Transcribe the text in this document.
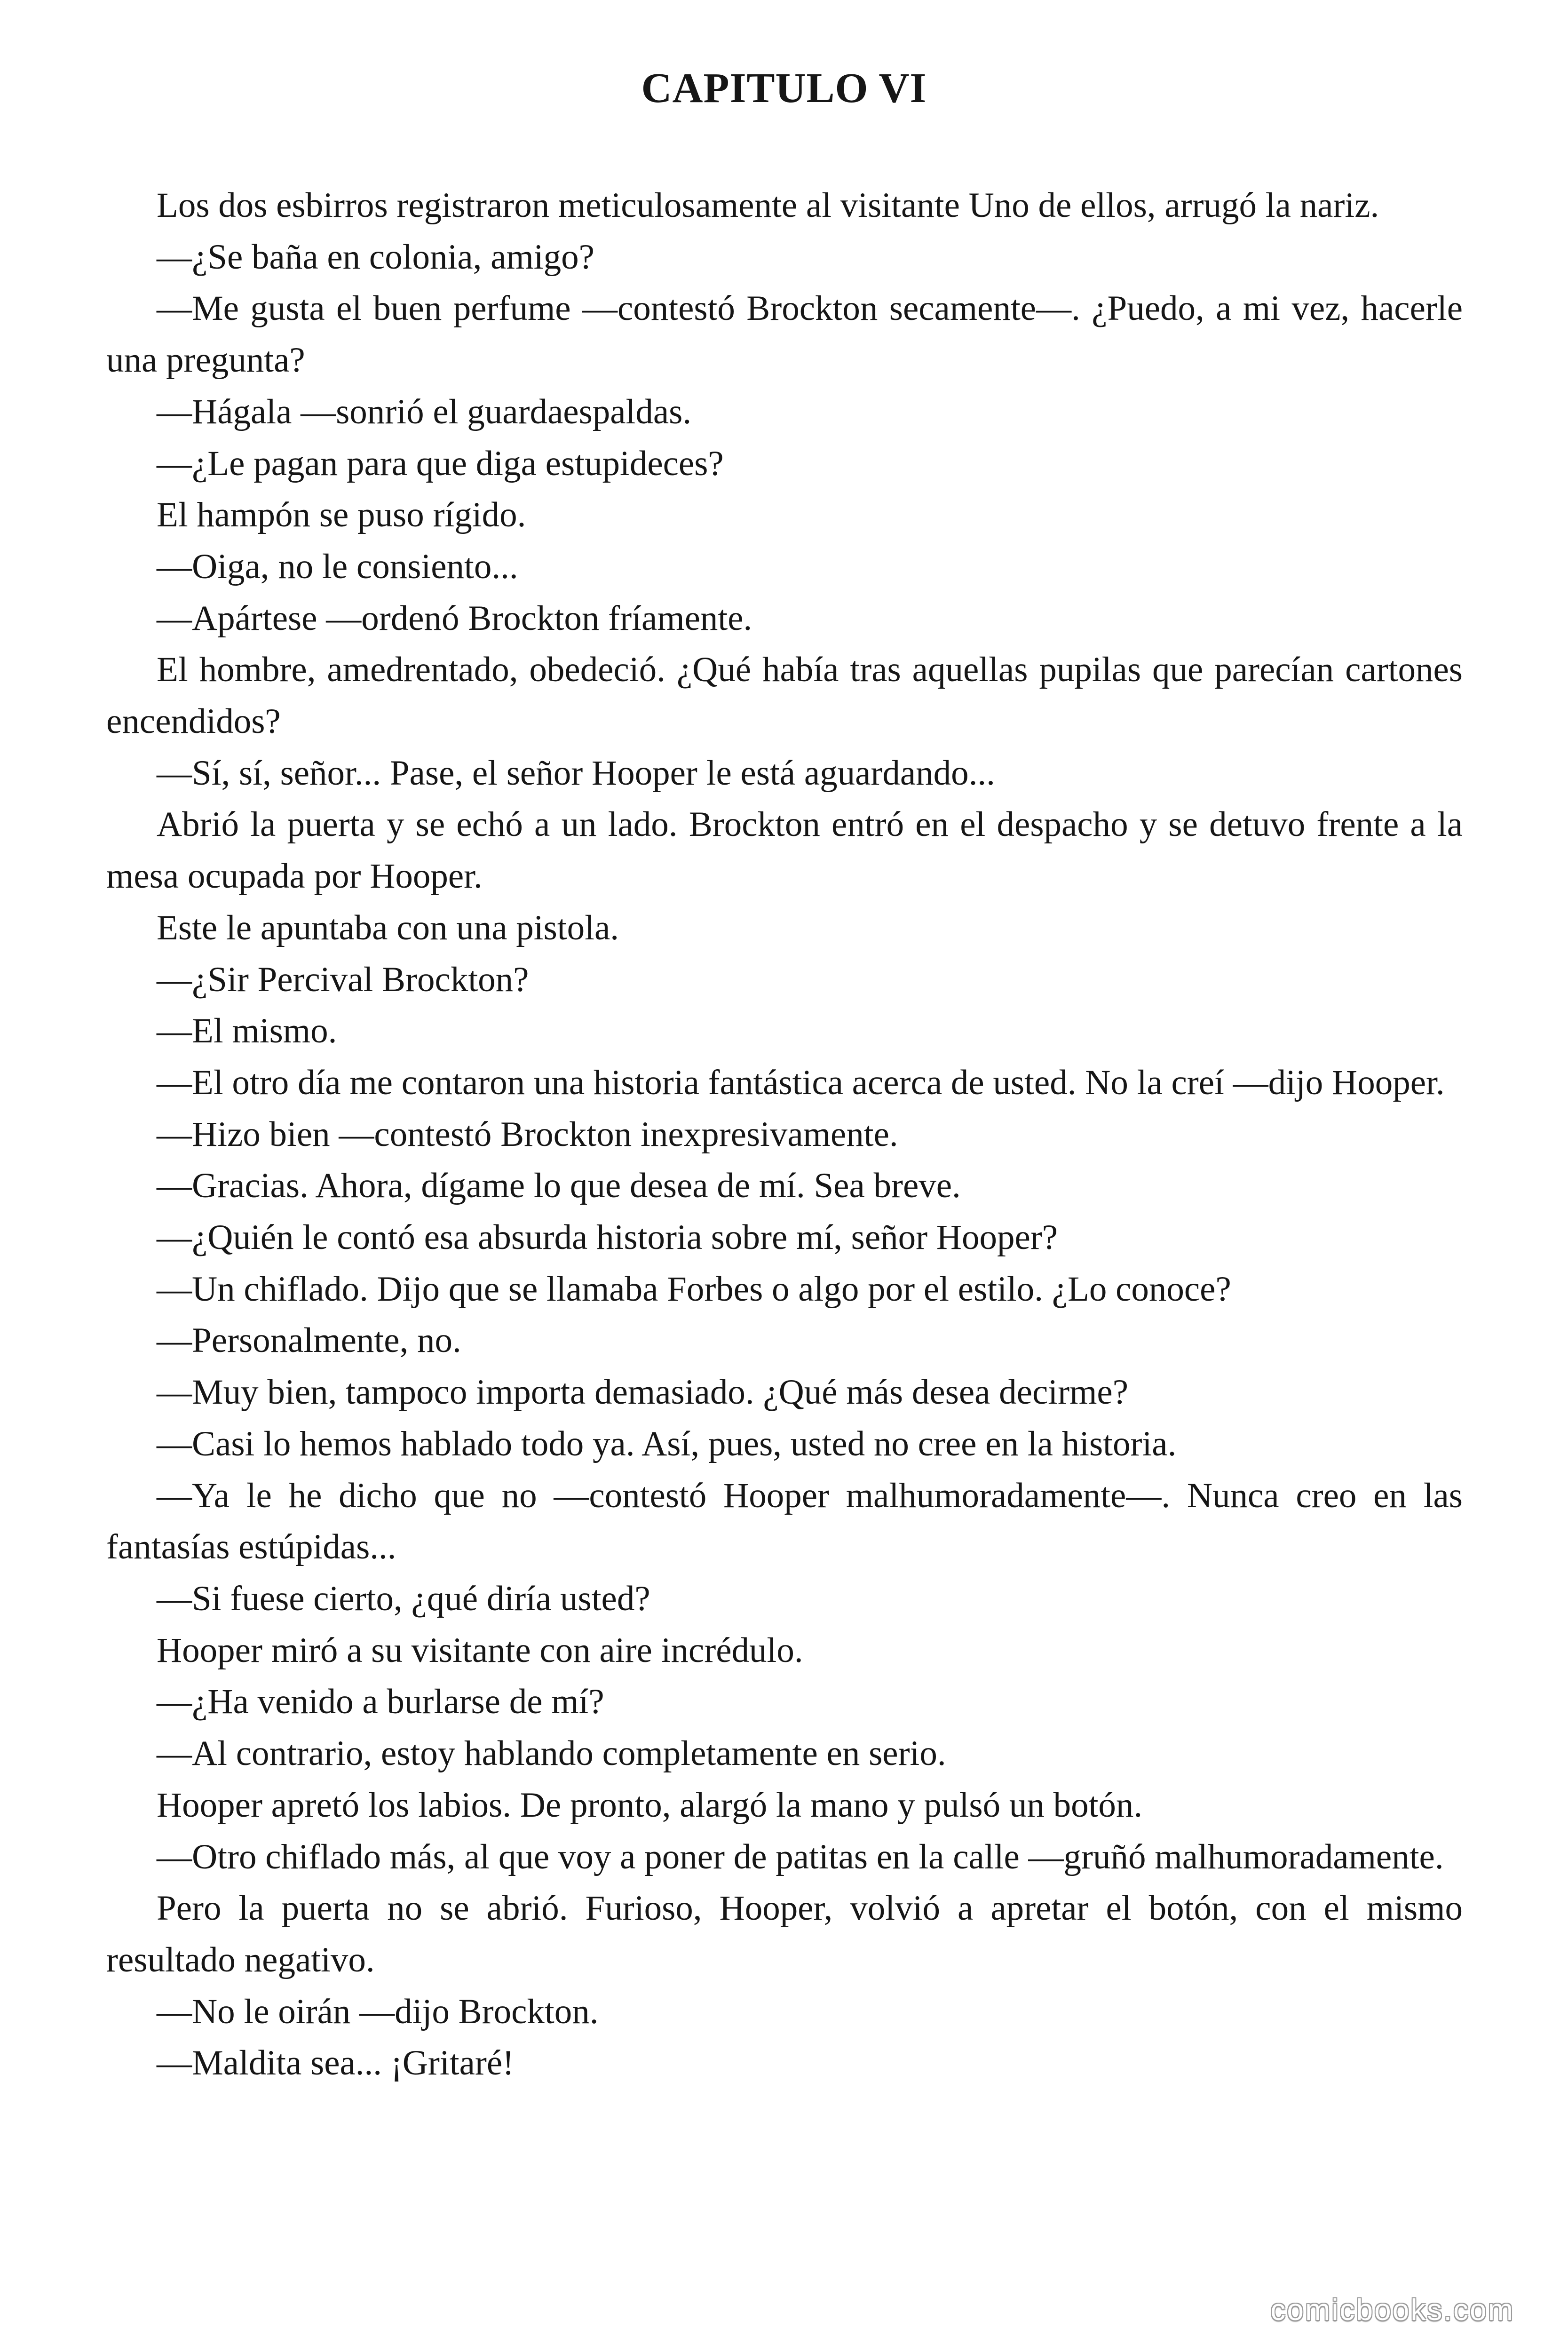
CAPITULO VI

Los dos esbirros registraron meticulosamente al visitante Uno de ellos, arrugó la nariz.

—¿Se baña en colonia, amigo?

—Me gusta el buen perfume —contestó Brockton secamente—. ¿Puedo, a mi vez, hacerle una pregunta?

—Hágala —sonrió el guardaespaldas.

—¿Le pagan para que diga estupideces?

El hampón se puso rígido.

—Oiga, no le consiento...

—Apártese —ordenó Brockton fríamente.

El hombre, amedrentado, obedeció. ¿Qué había tras aquellas pupilas que parecían cartones encendidos?

—Sí, sí, señor... Pase, el señor Hooper le está aguardando...

Abrió la puerta y se echó a un lado. Brockton entró en el despacho y se detuvo frente a la mesa ocupada por Hooper.

Este le apuntaba con una pistola.

—¿Sir Percival Brockton?

—El mismo.

—El otro día me contaron una historia fantástica acerca de usted. No la creí —dijo Hooper.

—Hizo bien —contestó Brockton inexpresivamente.

—Gracias. Ahora, dígame lo que desea de mí. Sea breve.

—¿Quién le contó esa absurda historia sobre mí, señor Hooper?

—Un chiflado. Dijo que se llamaba Forbes o algo por el estilo. ¿Lo conoce?

—Personalmente, no.

—Muy bien, tampoco importa demasiado. ¿Qué más desea decirme?

—Casi lo hemos hablado todo ya. Así, pues, usted no cree en la historia.

—Ya le he dicho que no —contestó Hooper malhumoradamente—. Nunca creo en las fantasías estúpidas...

—Si fuese cierto, ¿qué diría usted?

Hooper miró a su visitante con aire incrédulo.

—¿Ha venido a burlarse de mí?

—Al contrario, estoy hablando completamente en serio.

Hooper apretó los labios. De pronto, alargó la mano y pulsó un botón.

—Otro chiflado más, al que voy a poner de patitas en la calle —gruñó malhumoradamente.

Pero la puerta no se abrió. Furioso, Hooper, volvió a apretar el botón, con el mismo resultado negativo.

—No le oirán —dijo Brockton.

—Maldita sea... ¡Gritaré!

comicbooks.com
